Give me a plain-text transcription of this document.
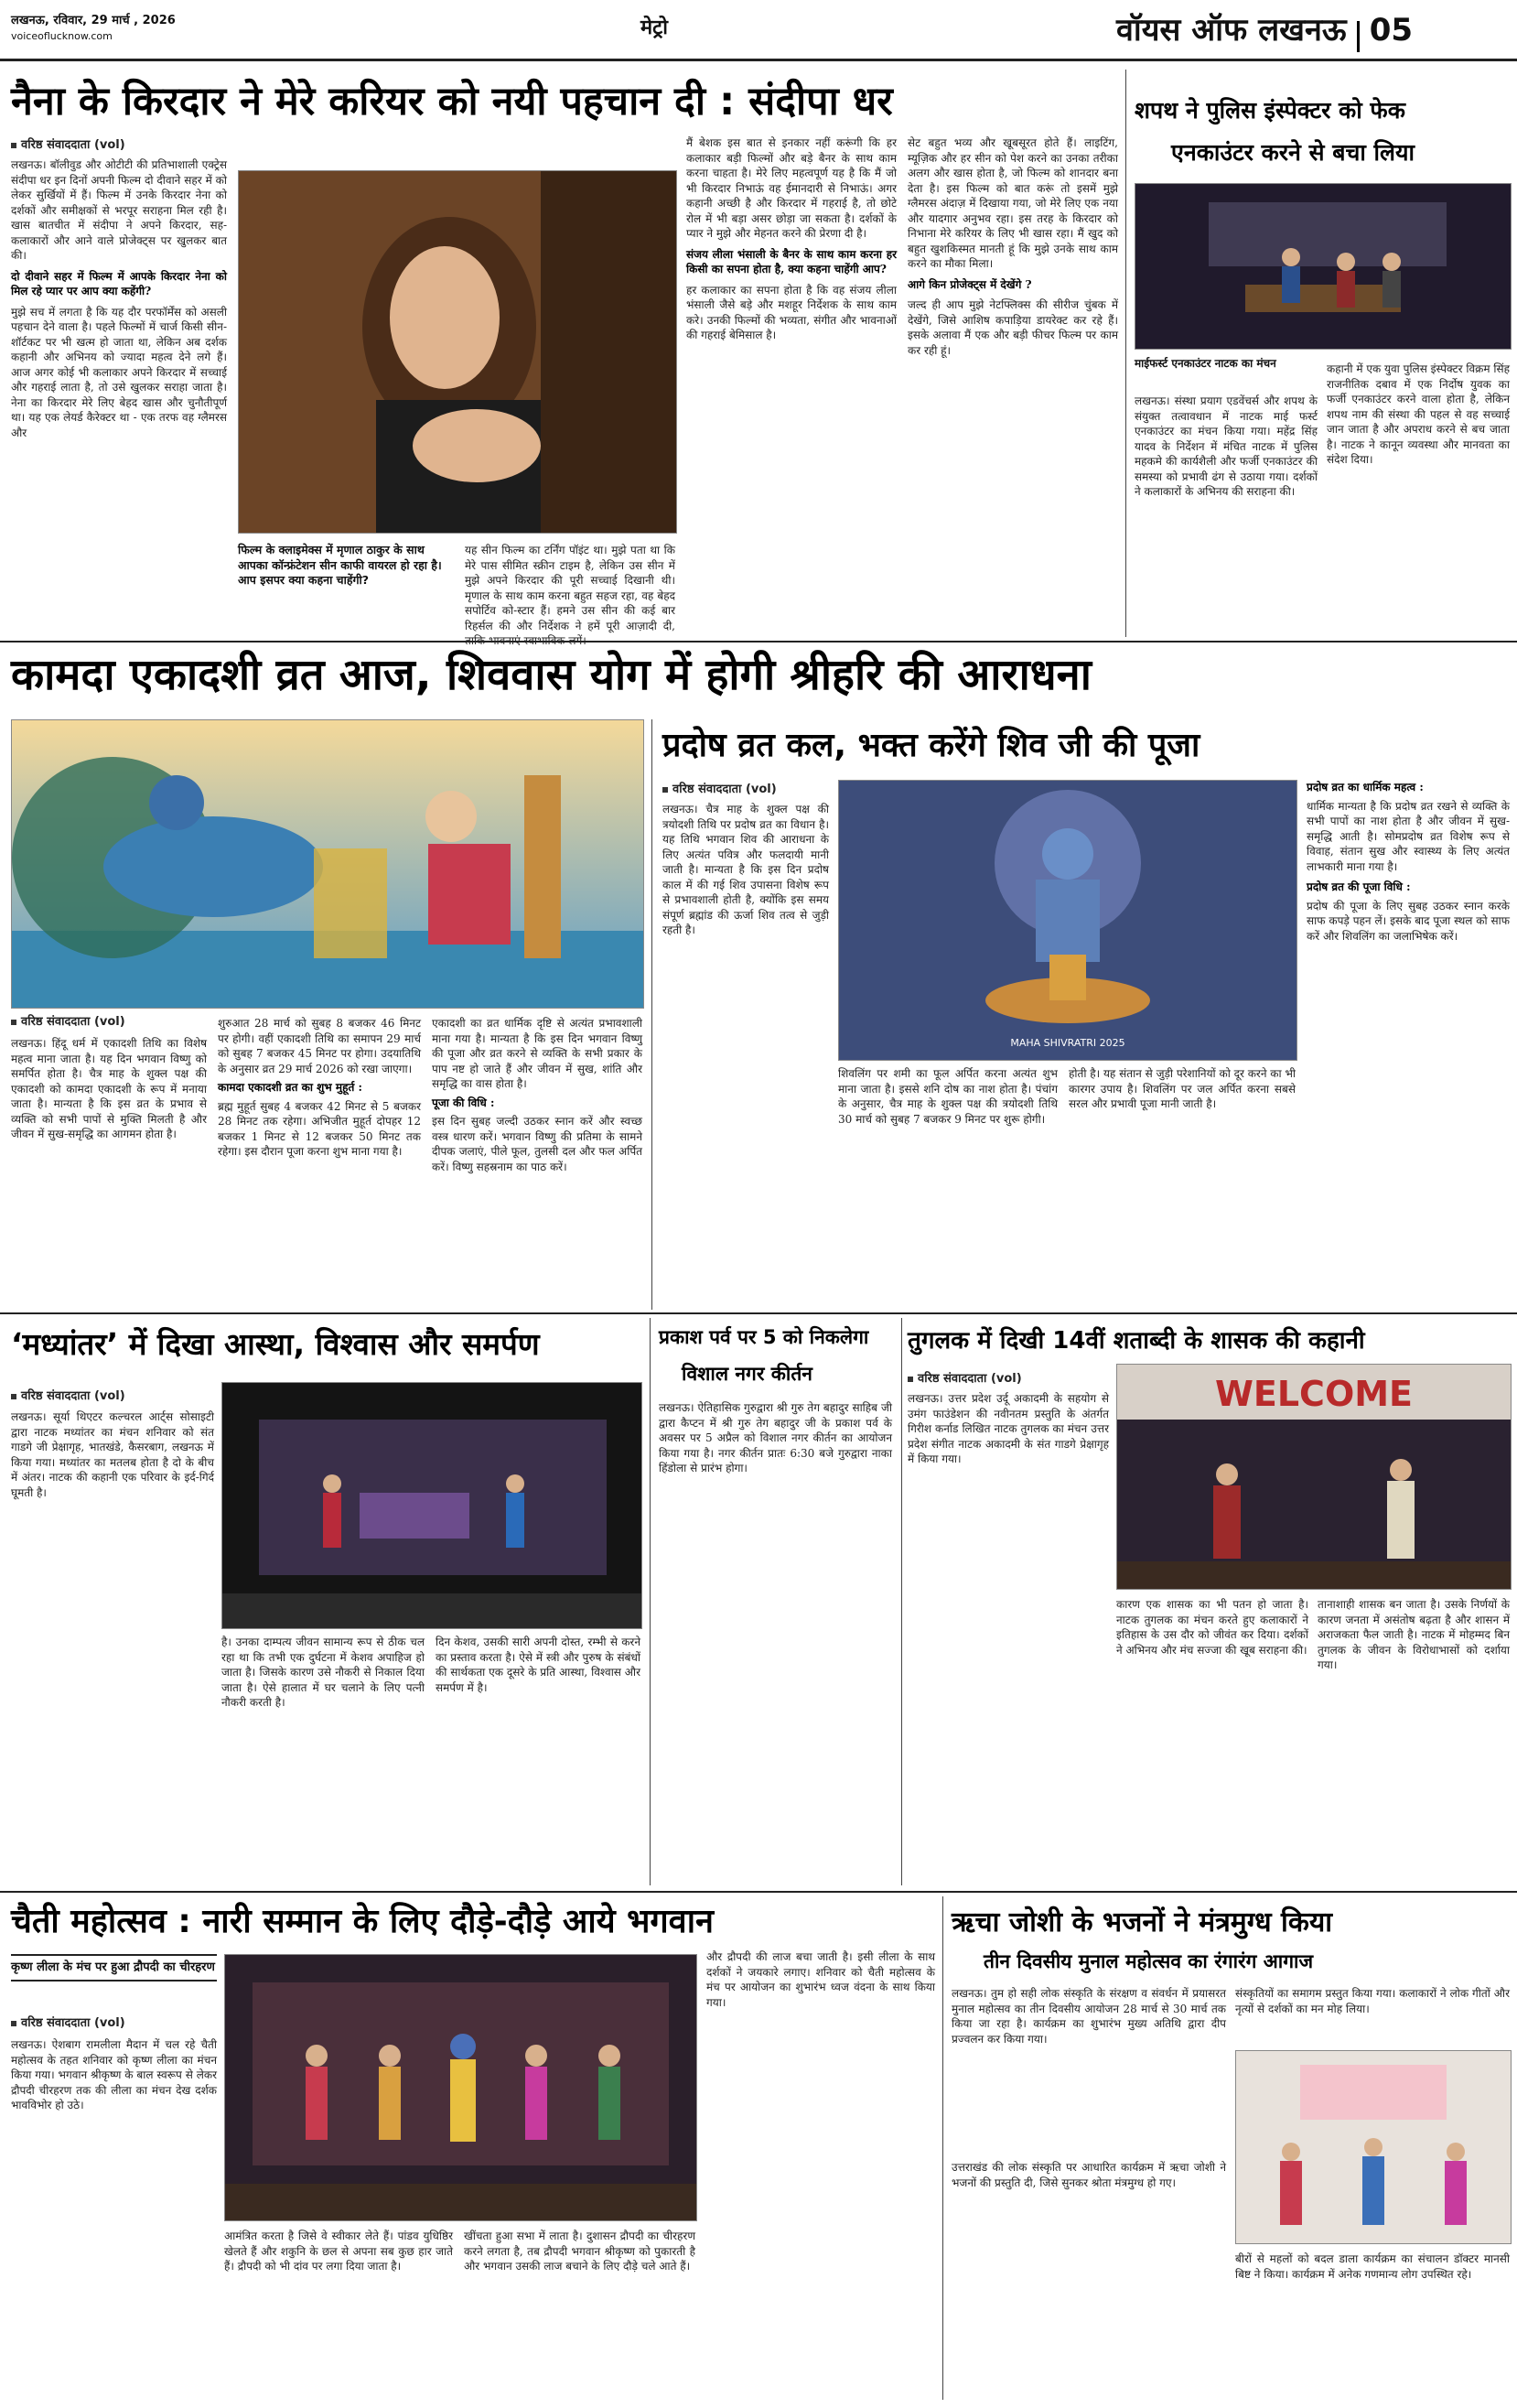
लखनऊ, रविवार, 29 मार्च , 2026
voiceoflucknow.com	मेट्रो	वॉयस ऑफ लखनऊ 05
नैना के किरदार ने मेरे करियर को नयी पहचान दी : संदीपा धर
वरिष्ठ संवाददाता (vol)
लखनऊ। बॉलीवुड और ओटीटी की प्रतिभाशाली एक्ट्रेस संदीपा धर इन दिनों अपनी फिल्म दो दीवाने सहर में को लेकर सुर्खियों में हैं। फिल्म में उनके किरदार नेना को दर्शकों और समीक्षकों से भरपूर सराहना मिल रही है। खास बातचीत में संदीपा ने अपने किरदार, सह-कलाकारों और आने वाले प्रोजेक्ट्स पर खुलकर बात की।
दो दीवाने सहर में फिल्म में आपके किरदार नेना को मिल रहे प्यार पर आप क्या कहेंगी?
मुझे सच में लगता है कि यह दौर परफॉर्मेंस को असली पहचान देने वाला है। पहले फिल्मों में चार्ज किसी सीन-शॉर्टकट पर भी खत्म हो जाता था, लेकिन अब दर्शक कहानी और अभिनय को ज्यादा महत्व देने लगे हैं। आज अगर कोई भी कलाकार अपने किरदार में सच्चाई और गहराई लाता है, तो उसे खुलकर सराहा जाता है। नेना का किरदार मेरे लिए बेहद खास और चुनौतीपूर्ण था। यह एक लेयर्ड कैरेक्टर था - एक तरफ वह ग्लैमरस और
फिल्म के क्लाइमेक्स में मृणाल ठाकुर के साथ आपका कॉन्फ्रंटेशन सीन काफी वायरल हो रहा है। आप इसपर क्या कहना चाहेंगी?
यह सीन फिल्म का टर्निंग पॉइंट था। मुझे पता था कि मेरे पास सीमित स्क्रीन टाइम है, लेकिन उस सीन में मुझे अपने किरदार की पूरी सच्चाई दिखानी थी। मृणाल के साथ काम करना बहुत सहज रहा, वह बेहद सपोर्टिव को-स्टार हैं। हमने उस सीन की कई बार रिहर्सल की और निर्देशक ने हमें पूरी आज़ादी दी,
मैं बेशक इस बात से इनकार नहीं करूंगी कि हर कलाकार बड़ी फिल्मों और बड़े बैनर के साथ काम करना चाहता है। मेरे लिए महत्वपूर्ण यह है कि मैं जो भी किरदार निभाऊं वह ईमानदारी से निभाऊं। अगर कहानी अच्छी है और किरदार में गहराई है, तो छोटे रोल में भी बड़ा असर छोड़ा जा सकता है। दर्शकों के प्यार ने मुझे और मेहनत करने की प्रेरणा दी है।
संजय लीला भंसाली के बैनर के साथ काम करना हर किसी का सपना होता है, क्या कहना चाहेंगी आप?
हर कलाकार का सपना होता है कि वह संजय लीला भंसाली जैसे बड़े और मशहूर निर्देशक के साथ काम करे। उनकी फिल्मों की भव्यता, संगीत और भावनाओं की गहराई बेमिसाल है।
सेट बहुत भव्य और खूबसूरत होते हैं। लाइटिंग, म्यूज़िक और हर सीन को पेश करने का उनका तरीका अलग और खास होता है, जो फिल्म को शानदार बना देता है। इस फिल्म को बात करूं तो इसमें मुझे ग्लैमरस अंदाज़ में दिखाया गया, जो मेरे लिए एक नया और यादगार अनुभव रहा। इस तरह के किरदार को निभाना मेरे करियर के लिए भी खास रहा। मैं खुद को बहुत खुशकिस्मत मानती हूं कि मुझे उनके साथ काम करने का मौका मिला।
आगे किन प्रोजेक्ट्स में देखेंगे ?
जल्द ही आप मुझे नेटफ्लिक्स की सीरीज चुंबक में देखेंगे, जिसे आशिष कपाड़िया डायरेक्ट कर रहे हैं। इसके अलावा मैं एक और बड़ी फीचर फिल्म पर काम कर रही हूं।
शपथ ने पुलिस इंस्पेक्टर को फेक
एनकाउंटर करने से बचा लिया
माईफर्स्ट एनकाउंटर नाटक का मंचन
लखनऊ। संस्था प्रयाग एडवेंचर्स और शपथ के संयुक्त तत्वावधान में नाटक माई फर्स्ट एनकाउंटर का मंचन किया गया। महेंद्र सिंह यादव के निर्देशन में मंचित नाटक में पुलिस महकमे की कार्यशैली और फर्जी एनकाउंटर की समस्या को प्रभावी ढंग से उठाया गया। दर्शकों ने कलाकारों के अभिनय की सराहना की।
कहानी में एक युवा पुलिस इंस्पेक्टर विक्रम सिंह राजनीतिक दबाव में एक निर्दोष युवक का फर्जी एनकाउंटर करने वाला होता है, लेकिन शपथ नाम की संस्था की पहल से वह सच्चाई जान जाता है और अपराध करने से बच जाता है। नाटक ने कानून व्यवस्था और मानवता का संदेश दिया।
कामदा एकादशी व्रत आज, शिववास योग में होगी श्रीहरि की आराधना
वरिष्ठ संवाददाता (vol)
लखनऊ। हिंदू धर्म में एकादशी तिथि का विशेष महत्व माना जाता है। यह दिन भगवान विष्णु को समर्पित होता है। चैत्र माह के शुक्ल पक्ष की एकादशी को कामदा एकादशी के रूप में मनाया जाता है। मान्यता है कि इस व्रत के प्रभाव से व्यक्ति को सभी पापों से मुक्ति मिलती है और जीवन में सुख-समृद्धि का आगमन होता है।
शुरुआत 28 मार्च को सुबह 8 बजकर 46 मिनट पर होगी। वहीं एकादशी तिथि का समापन 29 मार्च को सुबह 7 बजकर 45 मिनट पर होगा। उदयातिथि के अनुसार व्रत 29 मार्च 2026 को रखा जाएगा।
कामदा एकादशी व्रत का शुभ मुहूर्त :
ब्रह्म मुहूर्त सुबह 4 बजकर 42 मिनट से 5 बजकर 28 मिनट तक रहेगा। अभिजीत मुहूर्त दोपहर 12 बजकर 1 मिनट से 12 बजकर 50 मिनट तक रहेगा। इस दौरान पूजा करना शुभ माना गया है।
एकादशी का व्रत धार्मिक दृष्टि से अत्यंत प्रभावशाली माना गया है। मान्यता है कि इस दिन भगवान विष्णु की पूजा और व्रत करने से व्यक्ति के सभी प्रकार के पाप नष्ट हो जाते हैं और जीवन में सुख, शांति और समृद्धि का वास होता है।
पूजा की विधि :
इस दिन सुबह जल्दी उठकर स्नान करें और स्वच्छ वस्त्र धारण करें। भगवान विष्णु की प्रतिमा के सामने दीपक जलाएं, पीले फूल, तुलसी दल और फल अर्पित करें। विष्णु सहस्रनाम का पाठ करें।
प्रदोष व्रत कल, भक्त करेंगे शिव जी की पूजा
वरिष्ठ संवाददाता (vol)
MAHA SHIVRATRI 2025
लखनऊ। चैत्र माह के शुक्ल पक्ष की त्रयोदशी तिथि पर प्रदोष व्रत का विधान है। यह तिथि भगवान शिव की आराधना के लिए अत्यंत पवित्र और फलदायी मानी जाती है। मान्यता है कि इस दिन प्रदोष काल में की गई शिव उपासना विशेष रूप से प्रभावशाली होती है, क्योंकि इस समय संपूर्ण ब्रह्मांड की ऊर्जा शिव तत्व से जुड़ी रहती है।
शिवलिंग पर शमी का फूल अर्पित करना अत्यंत शुभ माना जाता है। इससे शनि दोष का नाश होता है। पंचांग के अनुसार, चैत्र माह के शुक्ल पक्ष की त्रयोदशी तिथि 30 मार्च को सुबह 7 बजकर 9 मिनट पर शुरू होगी।
होती है। यह संतान से जुड़ी परेशानियों को दूर करने का भी कारगर उपाय है। शिवलिंग पर जल अर्पित करना सबसे सरल और प्रभावी पूजा मानी जाती है।
प्रदोष व्रत का धार्मिक महत्व :
धार्मिक मान्यता है कि प्रदोष व्रत रखने से व्यक्ति के सभी पापों का नाश होता है और जीवन में सुख-समृद्धि आती है। सोमप्रदोष व्रत विशेष रूप से विवाह, संतान सुख और स्वास्थ्य के लिए अत्यंत लाभकारी माना गया है।
प्रदोष व्रत की पूजा विधि :
प्रदोष की पूजा के लिए सुबह उठकर स्नान करके साफ कपड़े पहन लें। इसके बाद पूजा स्थल को साफ करें और शिवलिंग का जलाभिषेक करें।
‘मध्यांतर’ में दिखा आस्था, विश्वास और समर्पण
वरिष्ठ संवाददाता (vol)
लखनऊ। सूर्या थिएटर कल्चरल आर्ट्स सोसाइटी द्वारा नाटक मध्यांतर का मंचन शनिवार को संत गाडगे जी प्रेक्षागृह, भातखंडे, कैसरबाग, लखनऊ में किया गया। मध्यांतर का मतलब होता है दो के बीच में अंतर। नाटक की कहानी एक परिवार के इर्द-गिर्द घूमती है।
है। उनका दाम्पत्य जीवन सामान्य रूप से ठीक चल रहा था कि तभी एक दुर्घटना में केशव अपाहिज हो जाता है। जिसके कारण उसे नौकरी से निकाल दिया जाता है। ऐसे हालात में घर चलाने के लिए पत्नी नौकरी करती है।
दिन केशव, उसकी सारी अपनी दोस्त, रम्भी से करने का प्रस्ताव करता है। ऐसे में स्त्री और पुरुष के संबंधों की सार्थकता एक दूसरे के प्रति आस्था, विश्वास और समर्पण में है।
प्रकाश पर्व पर 5 को निकलेगा
विशाल नगर कीर्तन
लखनऊ। ऐतिहासिक गुरुद्वारा श्री गुरु तेग बहादुर साहिब जी द्वारा कैप्टन में श्री गुरु तेग बहादुर जी के प्रकाश पर्व के अवसर पर 5 अप्रैल को विशाल नगर कीर्तन का आयोजन किया गया है। नगर कीर्तन प्रातः 6:30 बजे गुरुद्वारा नाका हिंडोला से प्रारंभ होगा।
तुगलक में दिखी 14वीं शताब्दी के शासक की कहानी
वरिष्ठ संवाददाता (vol)
लखनऊ। उत्तर प्रदेश उर्दू अकादमी के सहयोग से उमंग फाउंडेशन की नवीनतम प्रस्तुति के अंतर्गत गिरीश कर्नाड लिखित नाटक तुगलक का मंचन उत्तर प्रदेश संगीत नाटक अकादमी के संत गाडगे प्रेक्षागृह में किया गया।
WELCOME
कारण एक शासक का भी पतन हो जाता है। नाटक तुगलक का मंचन करते हुए कलाकारों ने इतिहास के उस दौर को जीवंत कर दिया। दर्शकों ने अभिनय और मंच सज्जा की खूब सराहना की।
तानाशाही शासक बन जाता है। उसके निर्णयों के कारण जनता में असंतोष बढ़ता है और शासन में अराजकता फैल जाती है। नाटक में मोहम्मद बिन तुगलक के जीवन के विरोधाभासों को दर्शाया गया।
चैती महोत्सव : नारी सम्मान के लिए दौड़े-दौड़े आये भगवान
कृष्ण लीला के मंच पर हुआ द्रौपदी का चीरहरण
वरिष्ठ संवाददाता (vol)
लखनऊ। ऐशबाग रामलीला मैदान में चल रहे चैती महोत्सव के तहत शनिवार को कृष्ण लीला का मंचन किया गया। भगवान श्रीकृष्ण के बाल स्वरूप से लेकर द्रौपदी चीरहरण तक की लीला का मंचन देख दर्शक भावविभोर हो उठे।
आमंत्रित करता है जिसे वे स्वीकार लेते हैं। पांडव युधिष्ठिर खेलते हैं और शकुनि के छल से अपना सब कुछ हार जाते हैं। द्रौपदी को भी दांव पर लगा दिया जाता है।
खींचता हुआ सभा में लाता है। दुशासन द्रौपदी का चीरहरण करने लगता है, तब द्रौपदी भगवान श्रीकृष्ण को पुकारती है और भगवान उसकी लाज बचाने के लिए दौड़े चले आते हैं।
और द्रौपदी की लाज बचा जाती है। इसी लीला के साथ दर्शकों ने जयकारे लगाए। शनिवार को चैती महोत्सव के मंच पर आयोजन का शुभारंभ ध्वज वंदना के साथ किया गया।
ऋचा जोशी के भजनों ने मंत्रमुग्ध किया
तीन दिवसीय मुनाल महोत्सव का रंगारंग आगाज
लखनऊ। तुम हो सही लोक संस्कृति के संरक्षण व संवर्धन में प्रयासरत मुनाल महोत्सव का तीन दिवसीय आयोजन 28 मार्च से 30 मार्च तक किया जा रहा है। कार्यक्रम का शुभारंभ मुख्य अतिथि द्वारा दीप प्रज्वलन कर किया गया।
संस्कृतियों का समागम प्रस्तुत किया गया। कलाकारों ने लोक गीतों और नृत्यों से दर्शकों का मन मोह लिया।
उत्तराखंड की लोक संस्कृति पर आधारित कार्यक्रम में ऋचा जोशी ने भजनों की प्रस्तुति दी, जिसे सुनकर श्रोता मंत्रमुग्ध हो गए।
बीरों से महलों को बदल डाला कार्यक्रम का संचालन डॉक्टर मानसी बिष्ट ने किया। कार्यक्रम में अनेक गणमान्य लोग उपस्थित रहे।
